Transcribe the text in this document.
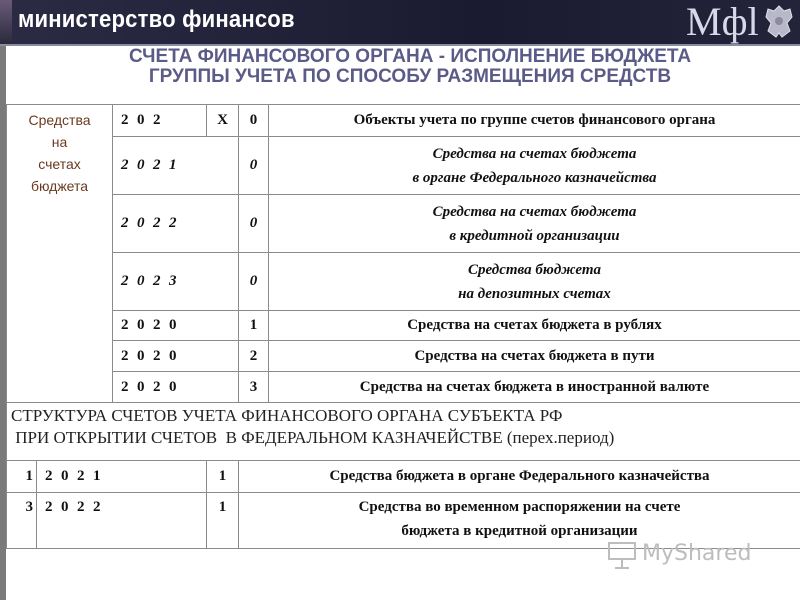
министерство финансов	Мфl
СЧЕТА ФИНАНСОВОГО ОРГАНА - ИСПОЛНЕНИЕ БЮДЖЕТА
ГРУППЫ УЧЕТА ПО СПОСОБУ РАЗМЕЩЕНИЯ СРЕДСТВ
Средства
на
счетах
бюджета		2 0 2	X	0	Объекты учета по группе счетов финансового органа
		2 0 2 1		0	Средства на счетах бюджета
в органе Федерального казначейства

		2 0 2 2		0	Средства на счетах бюджета
в кредитной организации

		2 0 2 3		0	Средства бюджета
на депозитных счетах

		2 0 2 0		1	Средства на счетах бюджета в рублях
		2 0 2 0		2	Средства на счетах бюджета в пути
		2 0 2 0		3	Средства на счетах бюджета в иностранной валюте

СТРУКТУРА СЧЕТОВ УЧЕТА ФИНАНСОВОГО ОРГАНА СУБЪЕКТА РФ
ПРИ ОТКРЫТИИ СЧЕТОВ  В ФЕДЕРАЛЬНОМ КАЗНАЧЕЙСТВЕ (перех.период)					

1	2 0 2 1		1	Средства бюджета в органе Федерального казначейства	
3	2 0 2 2		1	Средства во временном распоряжении на счете
бюджета в кредитной организации	
MyShared
